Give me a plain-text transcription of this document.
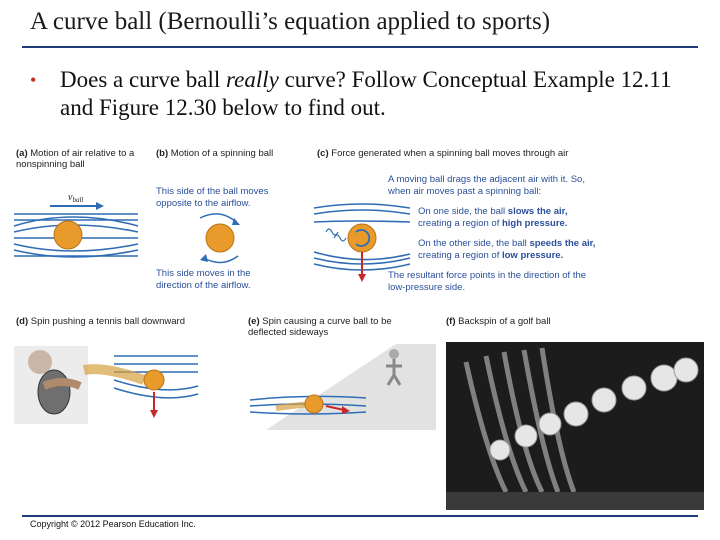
A curve ball (Bernoulli’s equation applied to sports)
• Does a curve ball really curve? Follow Conceptual Example 12.11 and Figure 12.30 below to find out.
(a) Motion of air relative to a nonspinning ball
(b) Motion of a spinning ball	(c) Force generated when a spinning ball moves through air
This side of the ball moves opposite to the airflow.
This side moves in the direction of the airflow.
A moving ball drags the adjacent air with it. So, when air moves past a spinning ball:
On one side, the ball slows the air, creating a region of high pressure.
On the other side, the ball speeds the air, creating a region of low pressure.
The resultant force points in the direction of the low-pressure side.
(d) Spin pushing a tennis ball downward	(e) Spin causing a curve ball to be deflected sideways
(f) Backspin of a golf ball
$v_{ball}$
Copyright © 2012 Pearson Education Inc.
